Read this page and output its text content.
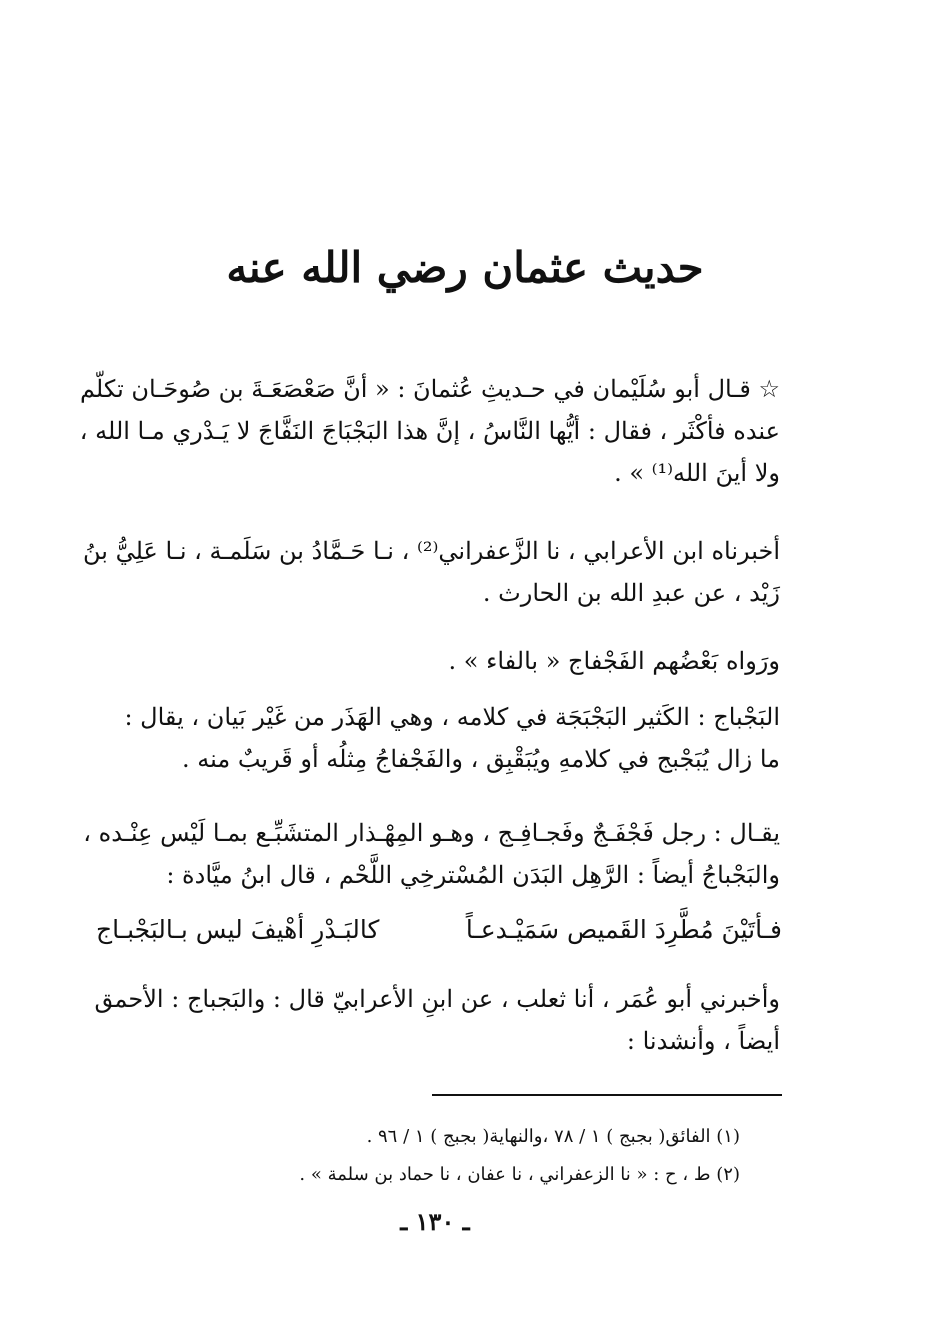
حديث عثمان رضي الله عنه

☆ قـال أبو سُلَيْمان في حـديثِ عُثمانَ : « أنَّ صَعْصَعَـةَ بن صُوحَـان تكلّم
عنده فأكْثَر ، فقال : أيُّها النَّاسُ ، إنَّ هذا البَجْبَاجَ النَفَّاجَ لا يَـدْري مـا الله ،
ولا أينَ الله⁽¹⁾ » .

أخبرناه ابن الأعرابي ، نا الزَّعفراني⁽²⁾ ، نـا حَـمَّادُ بن سَلَمـة ، نـا عَلِيُّ بنُ
زَيْد ، عن عبدِ الله بن الحارث .

ورَواه بَعْضُهم الفَجْفاج « بالفاء » .

البَجْباج : الكَثير البَجْبَجَة في كلامه ، وهي الهَذَر من غَيْر بَيان ، يقال :
ما زال يُبَجْبج في كلامهِ ويُبَقْبِق ، والفَجْفاجُ مِثلُه أو قَريبٌ منه .

يقـال : رجل فَجْفَـجٌ وفَجـافِـج ، وهـو المِهْـذار المتشَبِّـع بمـا لَيْس عِنْـده ،
والبَجْباجُ أيضاً : الرَّهِل البَدَن المُسْترخِي اللَّحْم ، قال ابنُ ميَّادة :

فـأتَيْنَ مُطَّرِدَ القَميص سَمَيْـدعـاً
كالبَـدْرِ أهْيفَ ليس بـالبَجْبـاج

وأخبرني أبو عُمَر ، أنا ثعلب ، عن ابنِ الأعرابيّ قال : والبَجباج : الأحمق
أيضاً ، وأنشدنا :

(١) الفائق( بجبج ) ١ / ٧٨ ،والنهاية( بجبج ) ١ / ٩٦ .
(٢) ط ، ح : « نا الزعفراني ، نا عفان ، نا حماد بن سلمة » .
ـ ١٣٠ ـ
